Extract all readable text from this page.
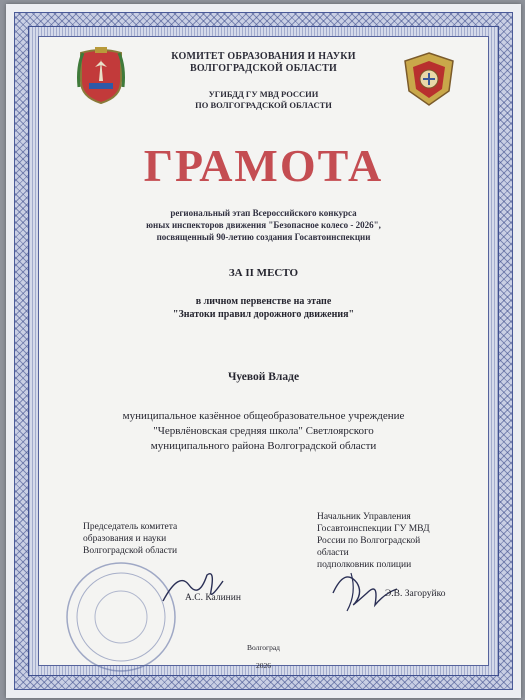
КОМИТЕТ ОБРАЗОВАНИЯ И НАУКИ
ВОЛГОГРАДСКОЙ ОБЛАСТИ
УГИБДД ГУ МВД РОССИИ
ПО ВОЛГОГРАДСКОЙ ОБЛАСТИ
ГРАМОТА
региональный этап Всероссийского конкурса
юных инспекторов движения "Безопасное колесо - 2026",
посвященный 90-летию создания Госавтоинспекции
ЗА II МЕСТО
в личном первенстве на этапе
"Знатоки правил дорожного движения"
Чуевой Владе
муниципальное казённое общеобразовательное учреждение
"Червлёновская средняя школа" Светлоярского
муниципального района Волгоградской области
Председатель комитета
образования и науки
Волгоградской области
А.С. Калинин
Начальник Управления
Госавтоинспекции ГУ МВД
России по Волгоградской
области
подполковник полиции
Э.В. Загоруйко
Волгоград
2026
